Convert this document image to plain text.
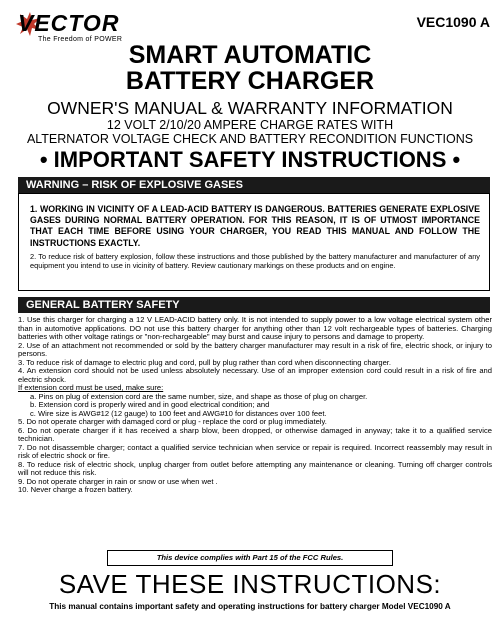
VECTOR
The Freedom of POWER
VEC1090 A
SMART AUTOMATIC
BATTERY CHARGER
OWNER'S MANUAL & WARRANTY INFORMATION
12 VOLT 2/10/20 AMPERE CHARGE RATES WITH
ALTERNATOR VOLTAGE CHECK AND BATTERY RECONDITION FUNCTIONS
• IMPORTANT SAFETY INSTRUCTIONS •
WARNING – RISK OF EXPLOSIVE GASES
1. WORKING IN VICINITY OF A LEAD-ACID BATTERY IS DANGEROUS. BATTERIES GENERATE EXPLOSIVE GASES DURING NORMAL BATTERY OPERATION. FOR THIS REASON, IT IS OF UTMOST IMPORTANCE THAT EACH TIME BEFORE USING YOUR CHARGER, YOU READ THIS MANUAL AND FOLLOW THE INSTRUCTIONS EXACTLY.
2. To reduce risk of battery explosion, follow these instructions and those published by the battery manufacturer and manufacturer of any equipment you intend to use in vicinity of battery. Review cautionary markings on these products and on engine.
GENERAL BATTERY SAFETY

1. Use this charger for charging a 12 V LEAD-ACID battery only. It is not intended to supply power to a low voltage electrical system other than in automotive applications. DO not use this battery charger for anything other than 12 volt rechargeable types of batteries. Charging batteries with other voltage ratings or "non-rechargeable" may burst and cause injury to persons and damage to property.

2. Use of an attachment not recommended or sold by the battery charger manufacturer may result in a risk of fire, electric shock, or injury to persons.

3. To reduce risk of damage to electric plug and cord, pull by plug rather than cord when disconnecting charger.

4. An extension cord should not be used unless absolutely necessary. Use of an improper extension cord could result in a risk of fire and electric shock.

If extension cord must be used, make sure:

a. Pins on plug of extension cord are the same number, size, and shape as those of plug on charger.

b. Extension cord is properly wired and in good electrical condition; and

c. Wire size is AWG#12 (12 gauge) to 100 feet and AWG#10 for distances over 100 feet.

5. Do not operate charger with damaged cord or plug - replace the cord or plug immediately.

6. Do not operate charger if it has received a sharp blow, been dropped, or otherwise damaged in anyway; take it to a qualified service technician.

7. Do not disassemble charger; contact a qualified service technician when service or repair is required. Incorrect reassembly may result in risk of electric shock or fire.

8. To reduce risk of electric shock, unplug charger from outlet before attempting any maintenance or cleaning. Turning off charger controls will not reduce this risk.

9. Do not operate charger in rain or snow or use when wet .

10. Never charge a frozen battery.

This device complies with Part 15 of the FCC Rules.
SAVE THESE INSTRUCTIONS:
This manual contains important safety and operating instructions for battery charger Model VEC1090 A
